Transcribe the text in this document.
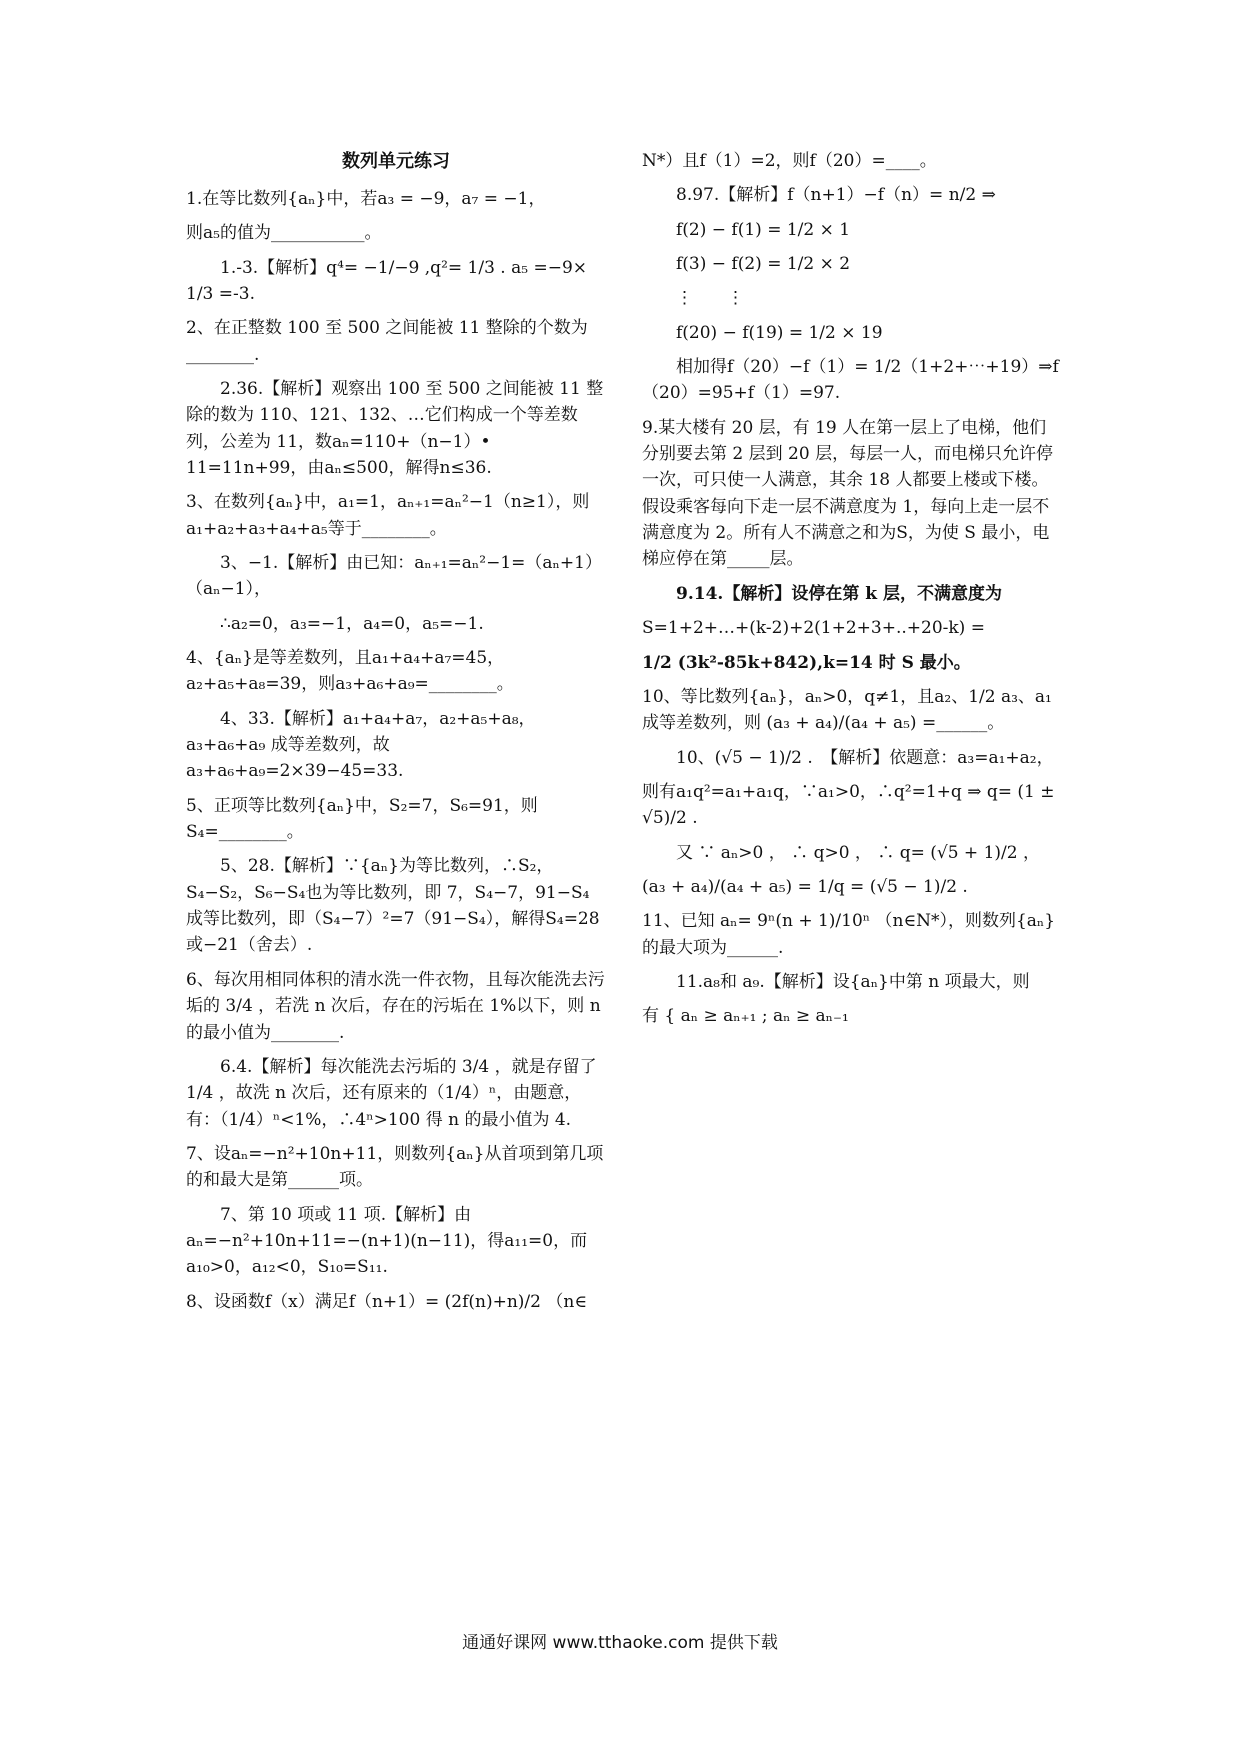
数列单元练习
1.在等比数列{aₙ}中，若a₃ = −9，a₇ = −1，
则a₅的值为___________。
1.-3.【解析】q⁴= −1/−9 ,q²= 1/3 . a₅ =−9× 1/3 =-3.
2、在正整数 100 至 500 之间能被 11 整除的个数为________.
2.36.【解析】观察出 100 至 500 之间能被 11 整除的数为 110、121、132、…它们构成一个等差数列，公差为 11，数aₙ=110+（n−1）• 11=11n+99，由aₙ≤500，解得n≤36.
3、在数列{aₙ}中，a₁=1，aₙ₊₁=aₙ²−1（n≥1），则a₁+a₂+a₃+a₄+a₅等于________。
3、−1.【解析】由已知：aₙ₊₁=aₙ²−1=（aₙ+1）（aₙ−1），
∴a₂=0，a₃=−1，a₄=0，a₅=−1.
4、{aₙ}是等差数列，且a₁+a₄+a₇=45，a₂+a₅+a₈=39，则a₃+a₆+a₉=________。
4、33.【解析】a₁+a₄+a₇，a₂+a₅+a₈，a₃+a₆+a₉ 成等差数列，故a₃+a₆+a₉=2×39−45=33.
5、正项等比数列{aₙ}中，S₂=7，S₆=91，则S₄=________。
5、28.【解析】∵{aₙ}为等比数列，∴S₂，S₄−S₂，S₆−S₄也为等比数列，即 7，S₄−7，91−S₄成等比数列，即（S₄−7）²=7（91−S₄），解得S₄=28或−21（舍去）.
6、每次用相同体积的清水洗一件衣物，且每次能洗去污垢的 3/4 ，若洗 n 次后，存在的污垢在 1%以下，则 n 的最小值为________.
6.4.【解析】每次能洗去污垢的 3/4 ，就是存留了 1/4 ，故洗 n 次后，还有原来的（1/4）ⁿ，由题意，有：（1/4）ⁿ<1%，∴4ⁿ>100 得 n 的最小值为 4.
7、设aₙ=−n²+10n+11，则数列{aₙ}从首项到第几项的和最大是第______项。
7、第 10 项或 11 项.【解析】由aₙ=−n²+10n+11=−(n+1)(n−11)，得a₁₁=0，而a₁₀>0，a₁₂<0，S₁₀=S₁₁.
8、设函数f（x）满足f（n+1）= (2f(n)+n)/2 （n∈
N*）且f（1）=2，则f（20）=____。
8.97.【解析】f（n+1）−f（n）= n/2 ⇒
f(2) − f(1) = 1/2 × 1
f(3) − f(2) = 1/2 × 2
⋮　　⋮
f(20) − f(19) = 1/2 × 19
相加得f（20）−f（1）= 1/2（1+2+⋯+19）⇒f（20）=95+f（1）=97.
9.某大楼有 20 层，有 19 人在第一层上了电梯，他们分别要去第 2 层到 20 层，每层一人，而电梯只允许停一次，可只使一人满意，其余 18 人都要上楼或下楼。假设乘客每向下走一层不满意度为 1，每向上走一层不满意度为 2。所有人不满意之和为S，为使 S 最小，电梯应停在第_____层。
9.14.【解析】设停在第 k 层，不满意度为
S=1+2+…+(k-2)+2(1+2+3+..+20-k) =
1/2 (3k²-85k+842),k=14 时 S 最小。
10、等比数列{aₙ}，aₙ>0，q≠1，且a₂、1/2 a₃、a₁成等差数列，则 (a₃ + a₄)/(a₄ + a₅) =______。
10、(√5 − 1)/2 .　【解析】依题意：a₃=a₁+a₂，
则有a₁q²=a₁+a₁q，∵a₁>0，∴q²=1+q ⇒ q= (1 ± √5)/2 .
又 ∵ aₙ>0 ， ∴ q>0 ， ∴ q= (√5 + 1)/2 ，
(a₃ + a₄)/(a₄ + a₅) = 1/q = (√5 − 1)/2 .
11、已知 aₙ= 9ⁿ(n + 1)/10ⁿ （n∈N*），则数列{aₙ}的最大项为______.
11.a₈和 a₉.【解析】设{aₙ}中第 n 项最大，则
有 { aₙ ≥ aₙ₊₁ ; aₙ ≥ aₙ₋₁
通通好课网 www.tthaoke.com 提供下载
